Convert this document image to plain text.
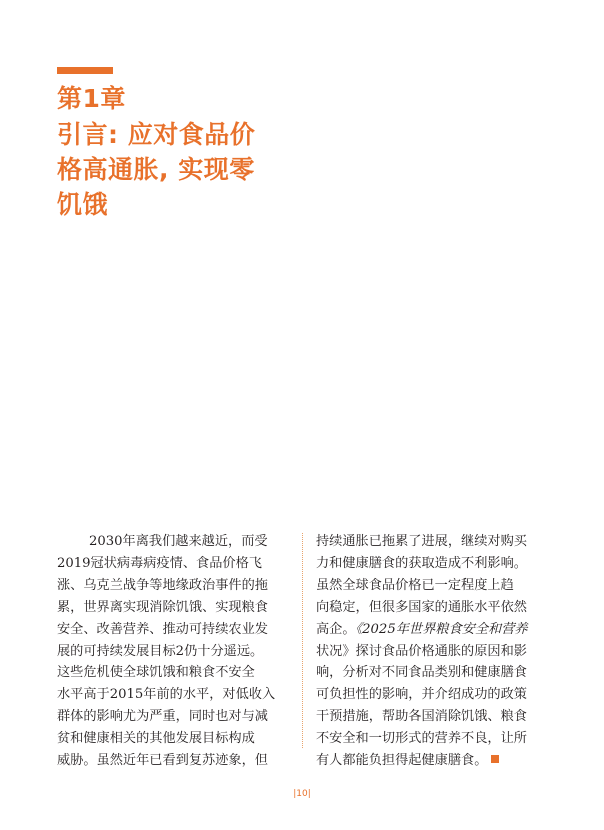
第1章
引言: 应对食品价
格高通胀, 实现零
饥饿
2030年离我们越来越近，而受
2019冠状病毒病疫情、食品价格飞
涨、乌克兰战争等地缘政治事件的拖
累，世界离实现消除饥饿、实现粮食
安全、改善营养、推动可持续农业发
展的可持续发展目标2仍十分遥远。
这些危机使全球饥饿和粮食不安全
水平高于2015年前的水平，对低收入
群体的影响尤为严重，同时也对与减
贫和健康相关的其他发展目标构成
威胁。虽然近年已看到复苏迹象，但
持续通胀已拖累了进展，继续对购买
力和健康膳食的获取造成不利影响。
虽然全球食品价格已一定程度上趋
向稳定，但很多国家的通胀水平依然
高企。《2025年世界粮食安全和营养
状况》探讨食品价格通胀的原因和影
响，分析对不同食品类别和健康膳食
可负担性的影响，并介绍成功的政策
干预措施，帮助各国消除饥饿、粮食
不安全和一切形式的营养不良，让所
有人都能负担得起健康膳食。
|10|
